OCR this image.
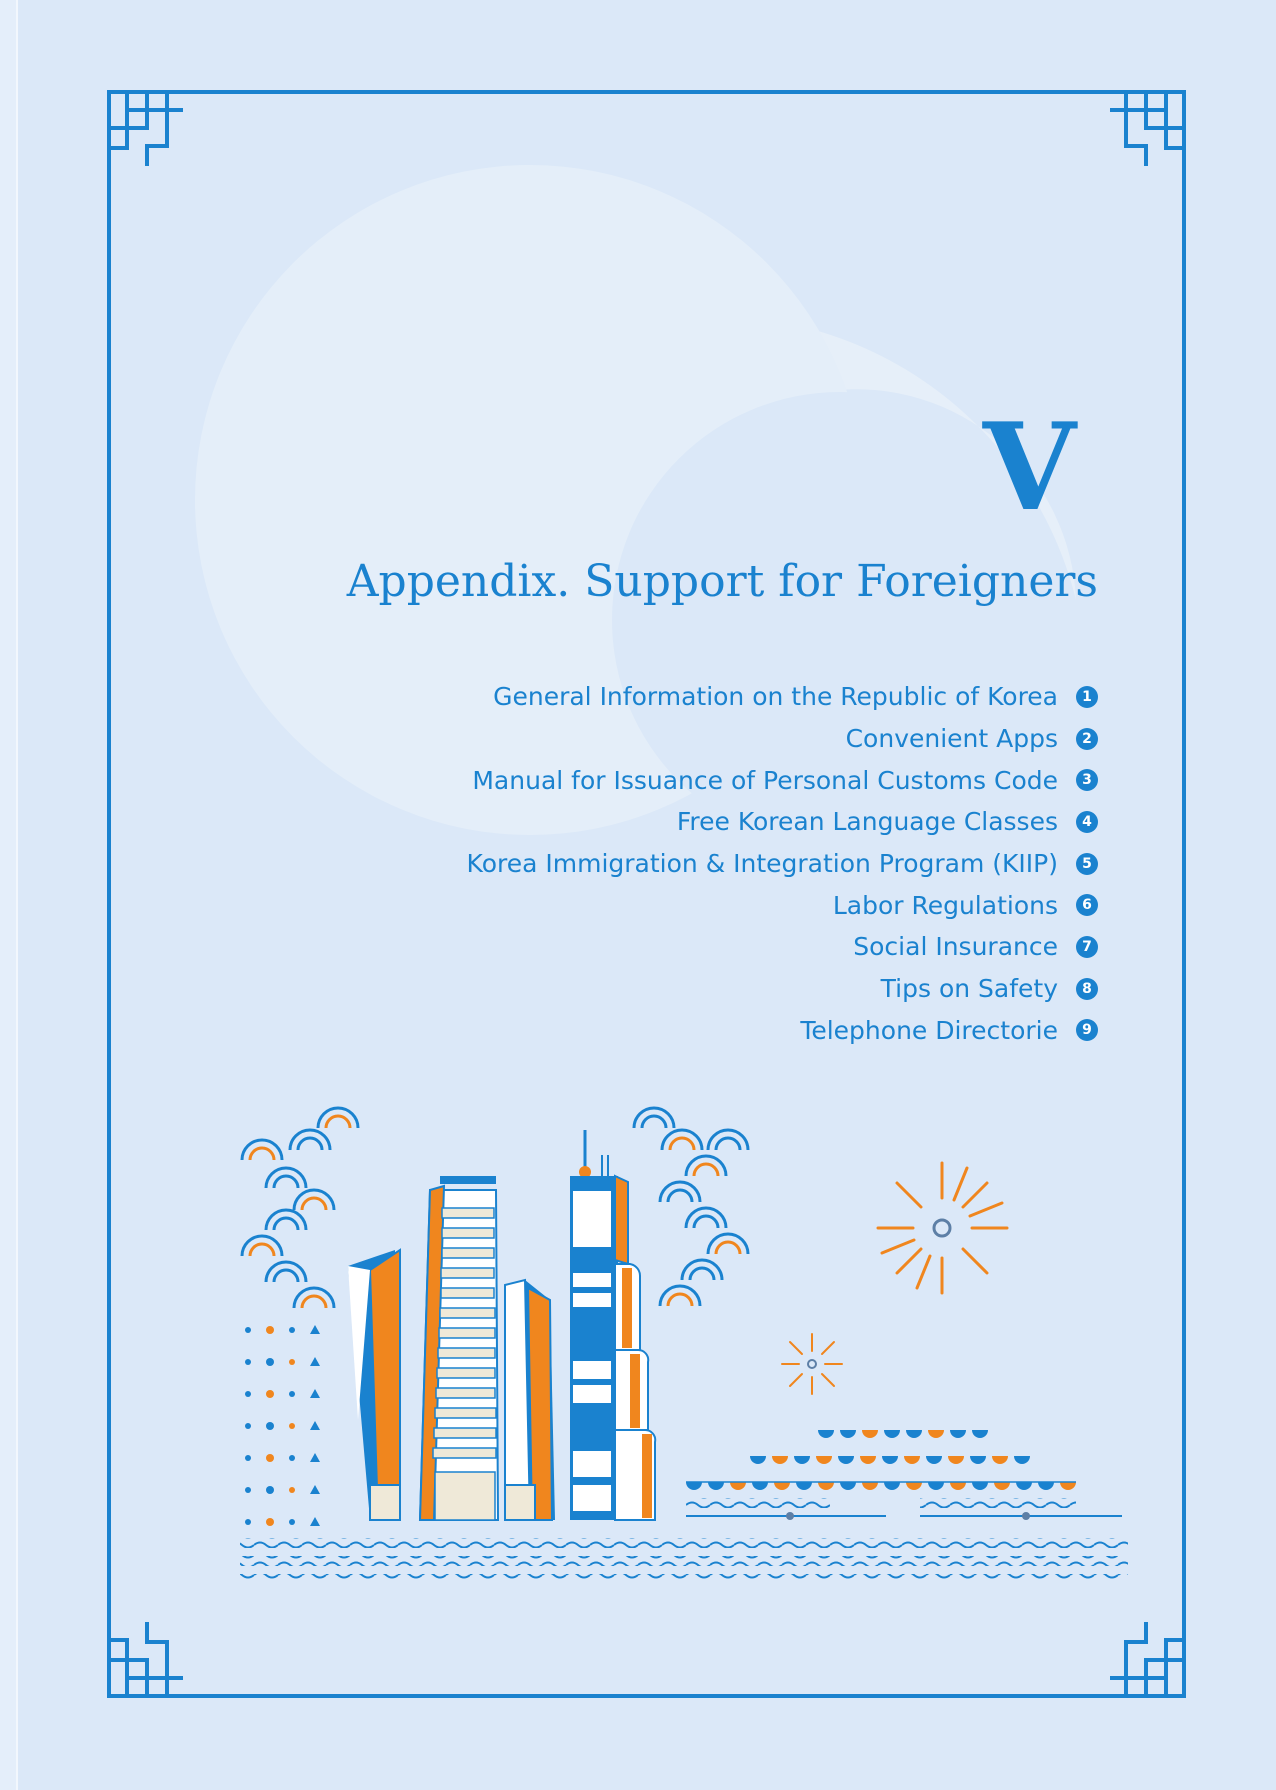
V
Appendix. Support for Foreigners
General Information on the Republic of Korea	1
Convenient Apps	2
Manual for Issuance of Personal Customs Code	3
Free Korean Language Classes	4
Korea Immigration & Integration Program (KIIP)	5
Labor Regulations	6
Social Insurance	7
Tips on Safety	8
Telephone Directorie	9
